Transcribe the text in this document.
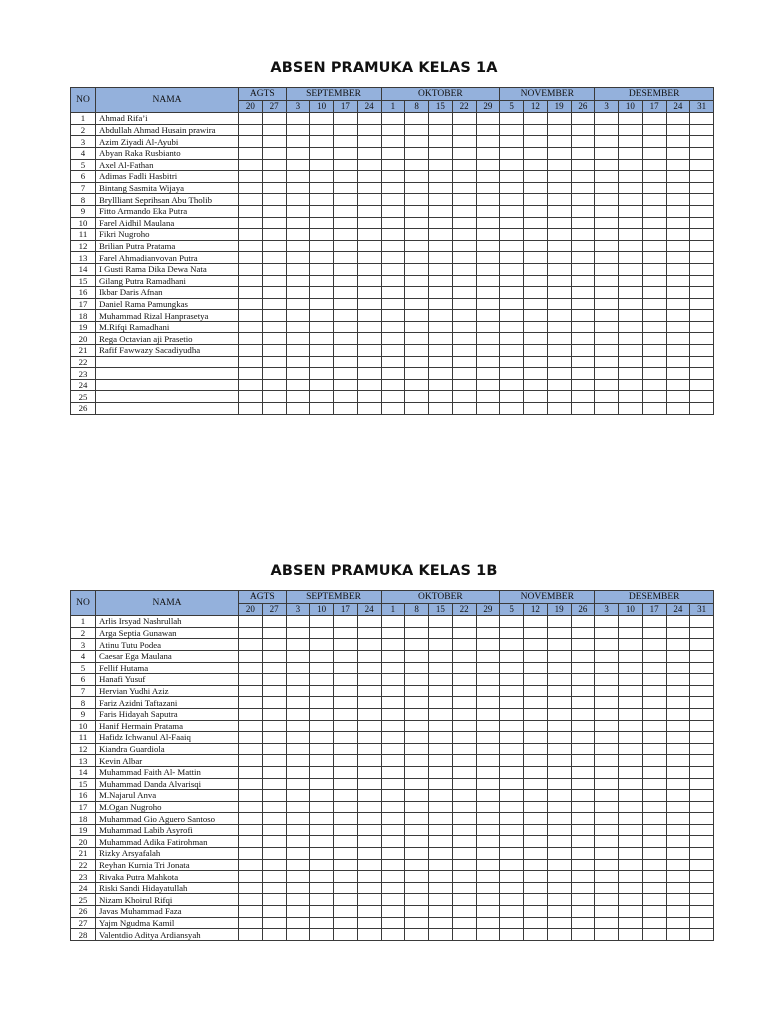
ABSEN PRAMUKA KELAS 1A
NO	NAMA	AGTS		SEPTEMBER				OKTOBER					NOVEMBER				DESEMBER				
		20	27	3	10	17	24	1	8	15	22	29	5	12	19	26	3	10	17	24	31
1	Ahmad Rifa’i																				
2	Abdullah Ahmad Husain prawira																				
3	Azim Ziyadi Al-Ayubi																				
4	Abyan Raka Rusbianto																				
5	Axel Al-Fathan																				
6	Adimas Fadli Hasbitri																				
7	Bintang Sasmita Wijaya																				
8	Bryllliant Seprihsan Abu Tholib																				
9	Fitto Armando Eka Putra																				
10	Farel Aidhil Maulana																				
11	Fikri Nugroho																				
12	Brilian Putra Pratama																				
13	Farel Ahmadianvovan Putra																				
14	I Gusti Rama Dika Dewa Nata																				
15	Gilang Putra Ramadhani																				
16	Ikbar Daris Afnan																				
17	Daniel Rama Pamungkas																				
18	Muhammad Rizal Hanprasetya																				
19	M.Rifqi Ramadhani																				
20	Rega Octavian aji Prasetio																				
21	Rafif Fawwazy Sacadiyudha																				
22																					
23																					
24																					
25																					
26																					
ABSEN PRAMUKA KELAS 1B
NO	NAMA	AGTS		SEPTEMBER				OKTOBER					NOVEMBER				DESEMBER				
		20	27	3	10	17	24	1	8	15	22	29	5	12	19	26	3	10	17	24	31
1	Arlis Irsyad Nashrullah																				
2	Arga Septia Gunawan																				
3	Atinu Tutu Podea																				
4	Caesar Ega Maulana																				
5	Fellif Hutama																				
6	Hanafi Yusuf																				
7	Hervian Yudhi Aziz																				
8	Fariz Azidni Taftazani																				
9	Faris Hidayah Saputra																				
10	Hanif Hermain Pratama																				
11	Hafidz Ichwanul Al-Faaiq																				
12	Kiandra Guardiola																				
13	Kevin Albar																				
14	Muhammad Faith Al- Mattin																				
15	Muhammad Danda Alvarisqi																				
16	M.Najarul Anva																				
17	M.Ogan Nugroho																				
18	Muhammad Gio Aguero Santoso																				
19	Muhammad Labib Asyrofi																				
20	Muhammad Adika Fatirohman																				
21	Rizky Arsyafalah																				
22	Reyhan Kurnia Tri Jonata																				
23	Rivaka Putra Mahkota																				
24	Riski Sandi Hidayatullah																				
25	Nizam Khoirul Rifqi																				
26	Javas Muhammad Faza																				
27	Yajm Ngudma Kamil																				
28	Valentdio Aditya Ardiansyah																				
